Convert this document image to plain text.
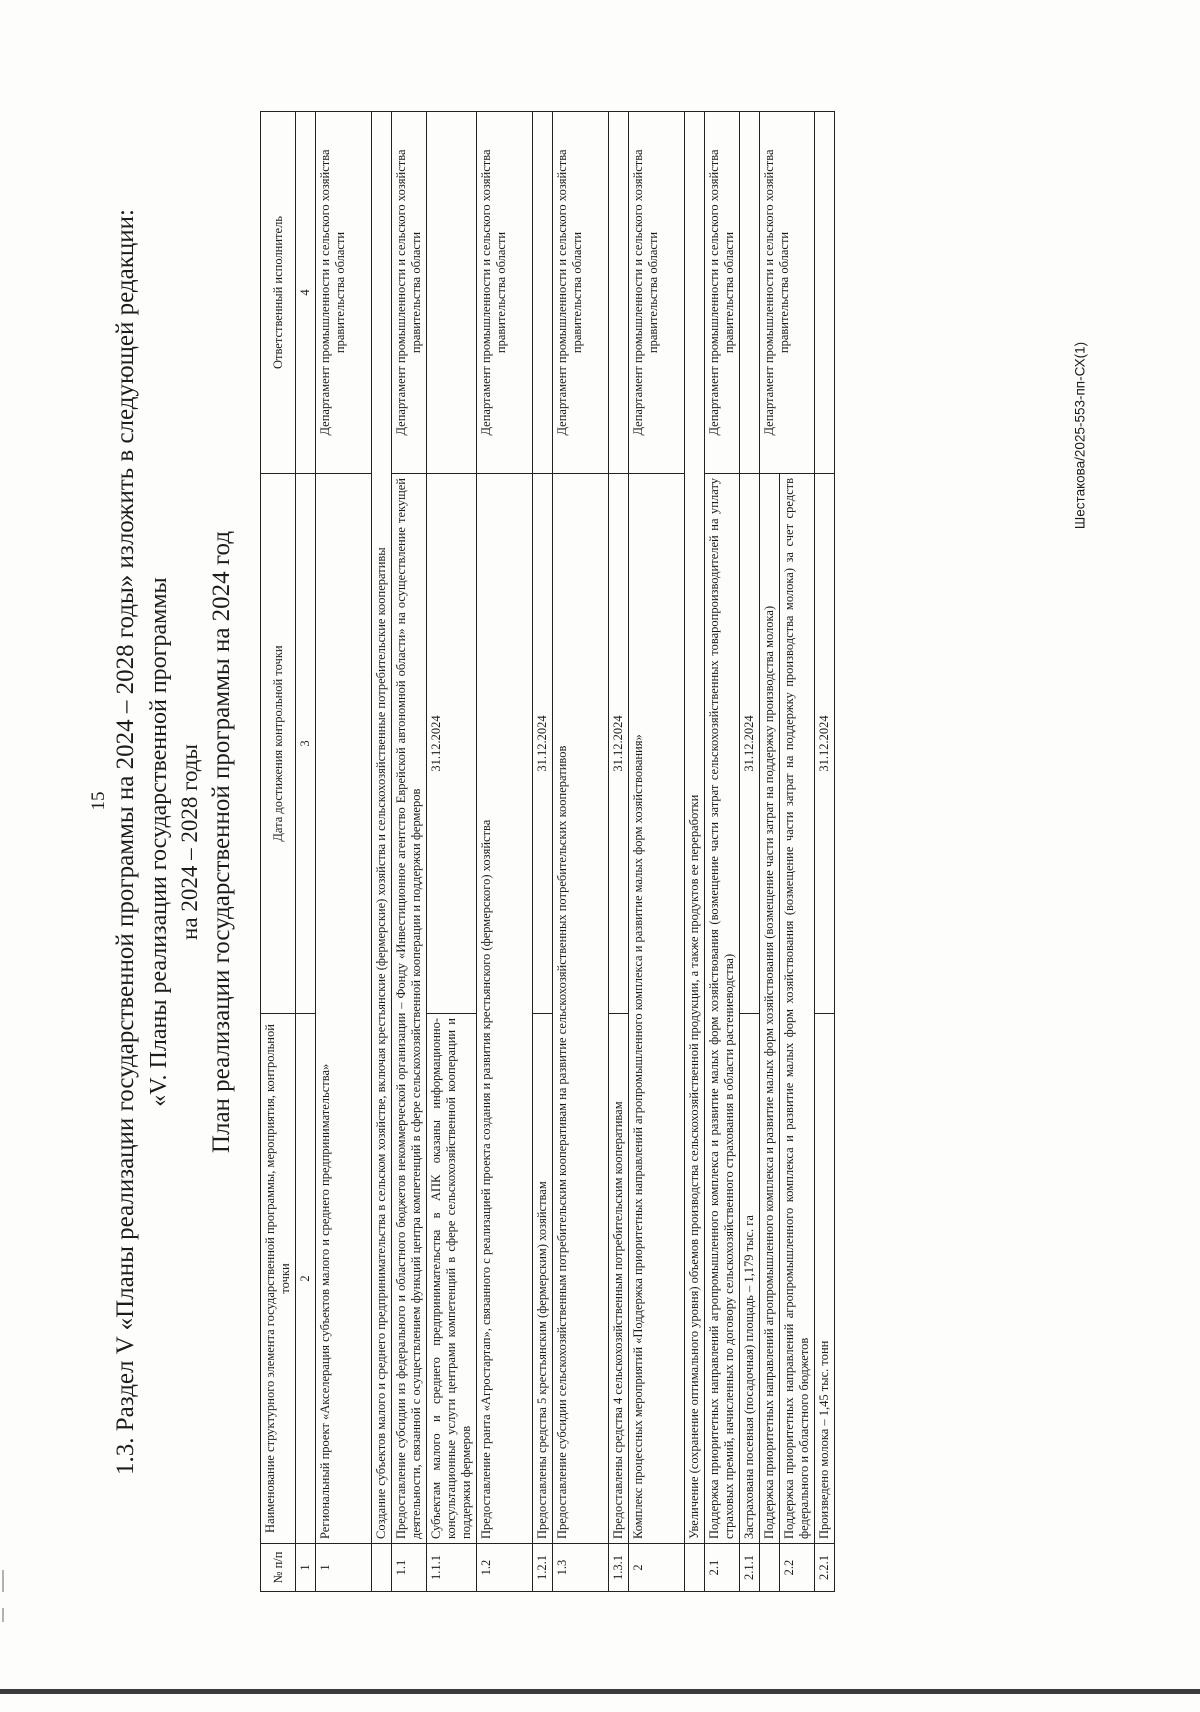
15
Шестакова/2025-553-пп-СХ(1)

1.3. Раздел V «Планы реализации государственной программы на 2024 – 2028 годы» изложить в следующей редакции: «V. Планы реализации государственной программы на 2024 – 2028 годы План реализации государственной программы на 2024 год

№ п/п	Наименование структурного элемента государственной программы, мероприятия, контрольной точки	Дата достижения контрольной точки	Ответственный исполнитель
1	2	3	4
1	Региональный проект «Акселерация субъектов малого и среднего предпринимательства»		Департамент промышленности и сельского хозяйства правительства области
	Создание субъектов малого и среднего предпринимательства в сельском хозяйстве, включая крестьянские (фермерские) хозяйства и сельскохозяйственные потребительские кооперативы		
1.1	Предоставление субсидии из федерального и областного бюджетов некоммерческой организации – Фонду «Инвестиционное агентство Еврейской автономной области» на осуществление текущей деятельности, связанной с осуществлением функций центра компетенций в сфере сельскохозяйственной кооперации и поддержки фермеров		Департамент промышленности и сельского хозяйства правительства области
1.1.1	Субъектам малого и среднего предпринимательства в АПК оказаны информационно-консультационные услуги центрами компетенций в сфере сельскохозяйственной кооперации и поддержки фермеров	31.12.2024	
1.2	Предоставление гранта «Агростартап», связанного с реализацией проекта создания и развития крестьянского (фермерского) хозяйства		Департамент промышленности и сельского хозяйства правительства области
1.2.1	Предоставлены средства 5 крестьянским (фермерским) хозяйствам	31.12.2024	
1.3	Предоставление субсидии сельскохозяйственным потребительским кооперативам на развитие сельскохозяйственных потребительских кооперативов		Департамент промышленности и сельского хозяйства правительства области
1.3.1	Предоставлены средства 4 сельскохозяйственным потребительским кооперативам	31.12.2024	
2	Комплекс процессных мероприятий «Поддержка приоритетных направлений агропромышленного комплекса и развитие малых форм хозяйствования»		Департамент промышленности и сельского хозяйства правительства области
	Увеличение (сохранение оптимального уровня) объемов производства сельскохозяйственной продукции, а также продуктов ее переработки		
2.1	Поддержка приоритетных направлений агропромышленного комплекса и развитие малых форм хозяйствования (возмещение части затрат сельскохозяйственных товаропроизводителей на уплату страховых премий, начисленных по договору сельскохозяйственного страхования в области растениеводства)		Департамент промышленности и сельского хозяйства правительства области
2.1.1	Застрахована посевная (посадочная) площадь – 1,179 тыс. га	31.12.2024	
	Поддержка приоритетных направлений агропромышленного комплекса и развитие малых форм хозяйствования (возмещение части затрат на поддержку производства молока)		Департамент промышленности и сельского хозяйства правительства области
2.2	Поддержка приоритетных направлений агропромышленного комплекса и развитие малых форм хозяйствования (возмещение части затрат на поддержку производства молока) за счет средств федерального и областного бюджетов		
2.2.1	Произведено молока – 1,45 тыс. тонн	31.12.2024	
